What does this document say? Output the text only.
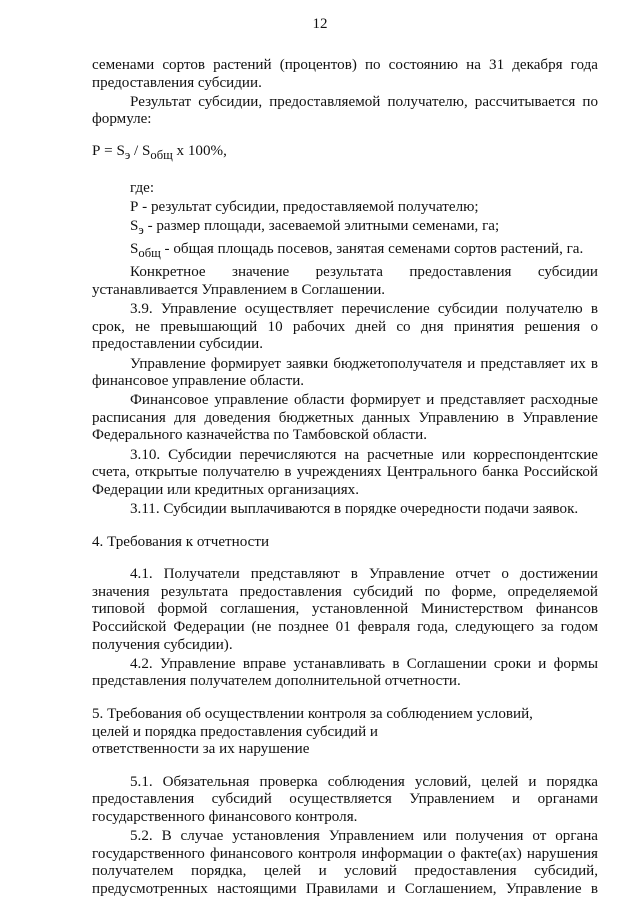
12

семенами сортов растений (процентов) по состоянию на 31 декабря года предоставления субсидии.

Результат субсидии, предоставляемой получателю, рассчитывается по формуле:

$Р = S_э / S_{общ}$ x 100%,

где:

Р - результат субсидии, предоставляемой получателю;

$S_э$ - размер площади, засеваемой элитными семенами, га;

$S_{общ}$ - общая площадь посевов, занятая семенами сортов растений, га.

Конкретное значение результата предоставления субсидии устанавливается Управлением в Соглашении.

3.9. Управление осуществляет перечисление субсидии получателю в срок, не превышающий 10 рабочих дней со дня принятия решения о предоставлении субсидии.

Управление формирует заявки бюджетополучателя и представляет их в финансовое управление области.

Финансовое управление области формирует и представляет расходные расписания для доведения бюджетных данных Управлению в Управление Федерального казначейства по Тамбовской области.

3.10. Субсидии перечисляются на расчетные или корреспондентские счета, открытые получателю в учреждениях Центрального банка Российской Федерации или кредитных организациях.

3.11. Субсидии выплачиваются в порядке очередности подачи заявок.

4. Требования к отчетности

4.1. Получатели представляют в Управление отчет о достижении значения результата предоставления субсидий по форме, определяемой типовой формой соглашения, установленной Министерством финансов Российской Федерации (не позднее 01 февраля года, следующего за годом получения субсидии).

4.2. Управление вправе устанавливать в Соглашении сроки и формы представления получателем дополнительной отчетности.

5. Требования об осуществлении контроля за соблюдением условий,
целей и порядка предоставления субсидий и
ответственности за их нарушение

5.1. Обязательная проверка соблюдения условий, целей и порядка предоставления субсидий осуществляется Управлением и органами государственного финансового контроля.

5.2. В случае установления Управлением или получения от органа государственного финансового контроля информации о факте(ах) нарушения получателем порядка, целей и условий предоставления субсидий, предусмотренных настоящими Правилами и Соглашением, Управление в
